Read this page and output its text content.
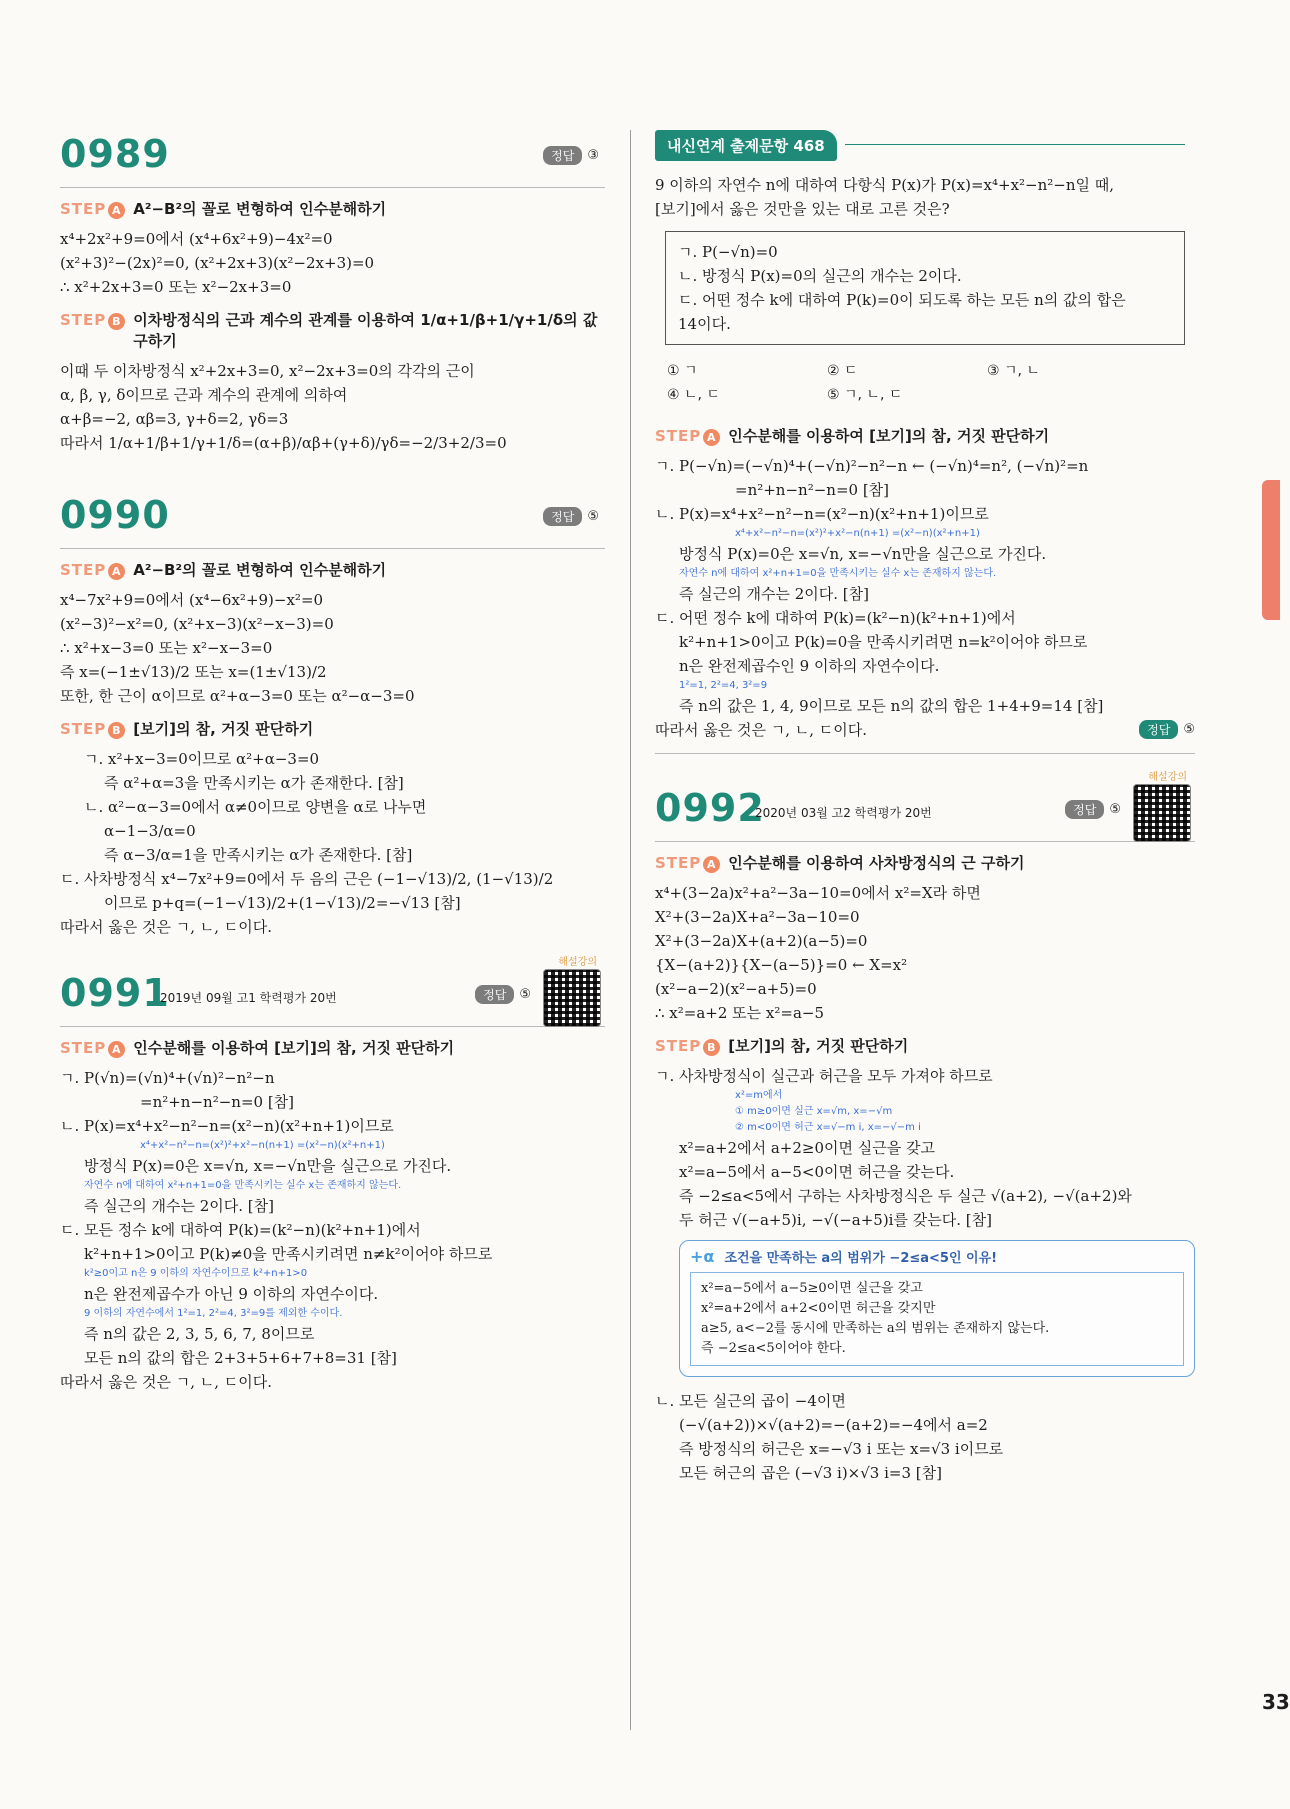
33
0989	정답	③
STEP A A²−B²의 꼴로 변형하여 인수분해하기
x⁴+2x²+9=0에서 (x⁴+6x²+9)−4x²=0
(x²+3)²−(2x)²=0, (x²+2x+3)(x²−2x+3)=0
∴ x²+2x+3=0 또는 x²−2x+3=0
STEP B 이차방정식의 근과 계수의 관계를 이용하여 1/α+1/β+1/γ+1/δ의 값 구하기
이때 두 이차방정식 x²+2x+3=0, x²−2x+3=0의 각각의 근이
α, β, γ, δ이므로 근과 계수의 관계에 의하여
α+β=−2, αβ=3, γ+δ=2, γδ=3
따라서 1/α+1/β+1/γ+1/δ=(α+β)/αβ+(γ+δ)/γδ=−2/3+2/3=0
0990	정답	⑤
STEP A A²−B²의 꼴로 변형하여 인수분해하기
x⁴−7x²+9=0에서 (x⁴−6x²+9)−x²=0
(x²−3)²−x²=0, (x²+x−3)(x²−x−3)=0
∴ x²+x−3=0 또는 x²−x−3=0
즉 x=(−1±√13)/2 또는 x=(1±√13)/2
또한, 한 근이 α이므로 α²+α−3=0 또는 α²−α−3=0
STEP B [보기]의 참, 거짓 판단하기
ㄱ. x²+x−3=0이므로 α²+α−3=0
즉 α²+α=3을 만족시키는 α가 존재한다. [참]
ㄴ. α²−α−3=0에서 α≠0이므로 양변을 α로 나누면
α−1−3/α=0
즉 α−3/α=1을 만족시키는 α가 존재한다. [참]
ㄷ. 사차방정식 x⁴−7x²+9=0에서 두 음의 근은 (−1−√13)/2, (1−√13)/2
이므로 p+q=(−1−√13)/2+(1−√13)/2=−√13 [참]
따라서 옳은 것은 ㄱ, ㄴ, ㄷ이다.
0991
2019년 09월 고1 학력평가 20번	정답	⑤
해설강의
STEP A 인수분해를 이용하여 [보기]의 참, 거짓 판단하기
ㄱ. P(√n)=(√n)⁴+(√n)²−n²−n
=n²+n−n²−n=0 [참]
ㄴ. P(x)=x⁴+x²−n²−n=(x²−n)(x²+n+1)이므로
x⁴+x²−n²−n=(x²)²+x²−n(n+1) =(x²−n)(x²+n+1)
방정식 P(x)=0은 x=√n, x=−√n만을 실근으로 가진다.
자연수 n에 대하여 x²+n+1=0을 만족시키는 실수 x는 존재하지 않는다.
즉 실근의 개수는 2이다. [참]
ㄷ. 모든 정수 k에 대하여 P(k)=(k²−n)(k²+n+1)에서
k²+n+1>0이고 P(k)≠0을 만족시키려면 n≠k²이어야 하므로
k²≥0이고 n은 9 이하의 자연수이므로 k²+n+1>0
n은 완전제곱수가 아닌 9 이하의 자연수이다.
9 이하의 자연수에서 1²=1, 2²=4, 3²=9를 제외한 수이다.
즉 n의 값은 2, 3, 5, 6, 7, 8이므로
모든 n의 값의 합은 2+3+5+6+7+8=31 [참]
따라서 옳은 것은 ㄱ, ㄴ, ㄷ이다.
내신연계 출제문항 468
9 이하의 자연수 n에 대하여 다항식 P(x)가 P(x)=x⁴+x²−n²−n일 때,
[보기]에서 옳은 것만을 있는 대로 고른 것은?
ㄱ. P(−√n)=0
ㄴ. 방정식 P(x)=0의 실근의 개수는 2이다.
ㄷ. 어떤 정수 k에 대하여 P(k)=0이 되도록 하는 모든 n의 값의 합은
14이다.
① ㄱ	② ㄷ	③ ㄱ, ㄴ
④ ㄴ, ㄷ	⑤ ㄱ, ㄴ, ㄷ
STEP A 인수분해를 이용하여 [보기]의 참, 거짓 판단하기
ㄱ. P(−√n)=(−√n)⁴+(−√n)²−n²−n ← (−√n)⁴=n², (−√n)²=n
=n²+n−n²−n=0 [참]
ㄴ. P(x)=x⁴+x²−n²−n=(x²−n)(x²+n+1)이므로
x⁴+x²−n²−n=(x²)²+x²−n(n+1) =(x²−n)(x²+n+1)
방정식 P(x)=0은 x=√n, x=−√n만을 실근으로 가진다.
자연수 n에 대하여 x²+n+1=0을 만족시키는 실수 x는 존재하지 않는다.
즉 실근의 개수는 2이다. [참]
ㄷ. 어떤 정수 k에 대하여 P(k)=(k²−n)(k²+n+1)에서
k²+n+1>0이고 P(k)=0을 만족시키려면 n=k²이어야 하므로
n은 완전제곱수인 9 이하의 자연수이다.
1²=1, 2²=4, 3²=9
즉 n의 값은 1, 4, 9이므로 모든 n의 값의 합은 1+4+9=14 [참]
따라서 옳은 것은 ㄱ, ㄴ, ㄷ이다.	정답	⑤
0992
2020년 03월 고2 학력평가 20번	정답	⑤
해설강의
STEP A 인수분해를 이용하여 사차방정식의 근 구하기
x⁴+(3−2a)x²+a²−3a−10=0에서 x²=X라 하면
X²+(3−2a)X+a²−3a−10=0
X²+(3−2a)X+(a+2)(a−5)=0
{X−(a+2)}{X−(a−5)}=0 ← X=x²
(x²−a−2)(x²−a+5)=0
∴ x²=a+2 또는 x²=a−5
STEP B [보기]의 참, 거짓 판단하기
ㄱ. 사차방정식이 실근과 허근을 모두 가져야 하므로
x²=m에서
① m≥0이면 실근 x=√m, x=−√m
② m<0이면 허근 x=√−m i, x=−√−m i
x²=a+2에서 a+2≥0이면 실근을 갖고
x²=a−5에서 a−5<0이면 허근을 갖는다.
즉 −2≤a<5에서 구하는 사차방정식은 두 실근 √(a+2), −√(a+2)와
두 허근 √(−a+5)i, −√(−a+5)i를 갖는다. [참]
+α 조건을 만족하는 a의 범위가 −2≤a<5인 이유!
x²=a−5에서 a−5≥0이면 실근을 갖고
x²=a+2에서 a+2<0이면 허근을 갖지만
a≥5, a<−2를 동시에 만족하는 a의 범위는 존재하지 않는다.
즉 −2≤a<5이어야 한다.
ㄴ. 모든 실근의 곱이 −4이면
(−√(a+2))×√(a+2)=−(a+2)=−4에서 a=2
즉 방정식의 허근은 x=−√3 i 또는 x=√3 i이므로
모든 허근의 곱은 (−√3 i)×√3 i=3 [참]
